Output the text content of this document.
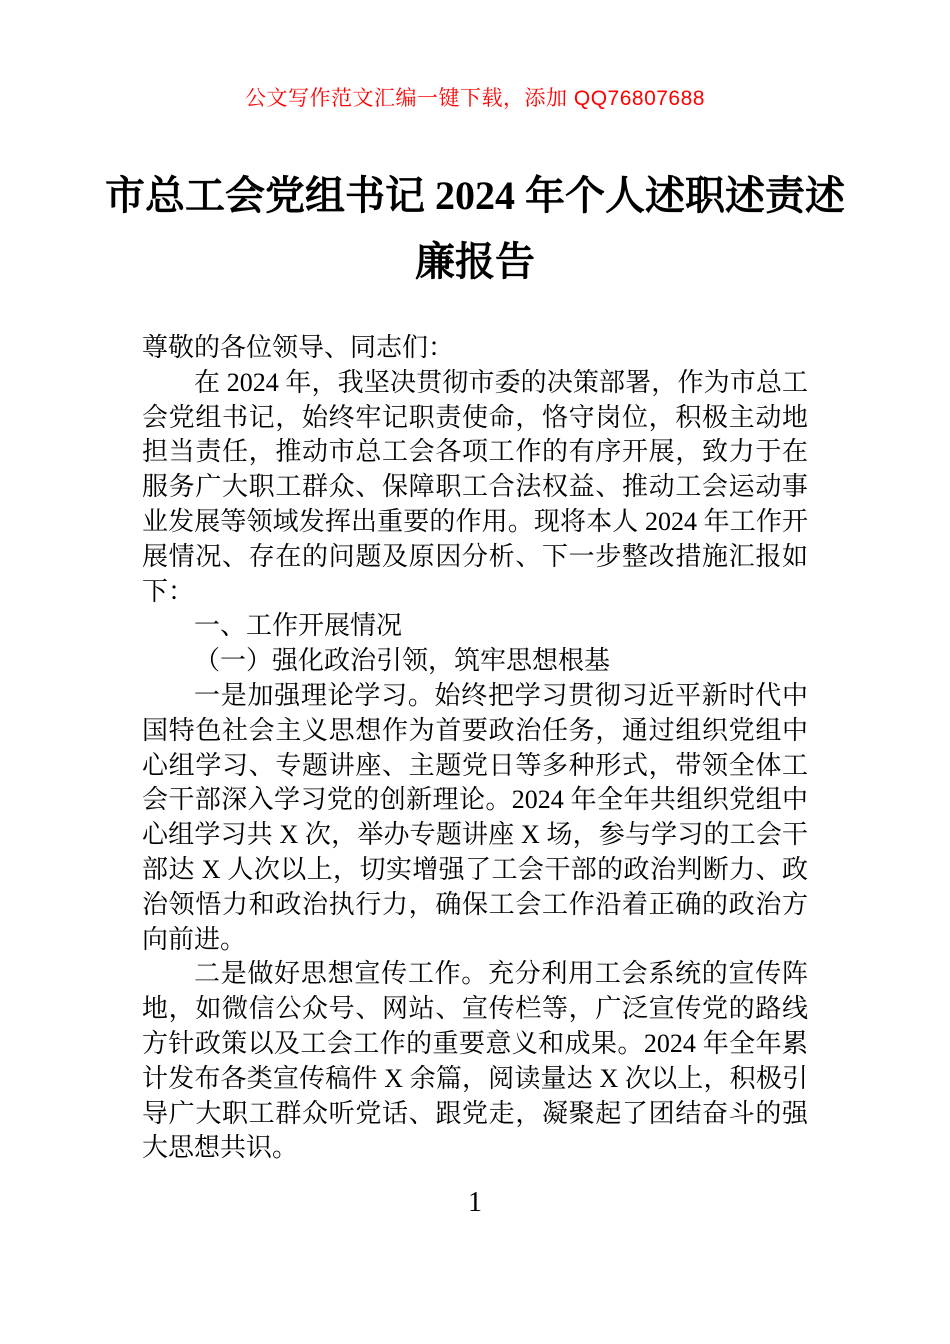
公文写作范文汇编一键下载，添加 QQ76807688
市总工会党组书记 2024 年个人述职述责述
廉报告

尊敬的各位领导、同志们：

在 2024 年，我坚决贯彻市委的决策部署，作为市总工会党组书记，始终牢记职责使命，恪守岗位，积极主动地担当责任，推动市总工会各项工作的有序开展，致力于在服务广大职工群众、保障职工合法权益、推动工会运动事业发展等领域发挥出重要的作用。现将本人 2024 年工作开展情况、存在的问题及原因分析、下一步整改措施汇报如下：

一、工作开展情况

（一）强化政治引领，筑牢思想根基

一是加强理论学习。始终把学习贯彻习近平新时代中国特色社会主义思想作为首要政治任务，通过组织党组中心组学习、专题讲座、主题党日等多种形式，带领全体工会干部深入学习党的创新理论。2024 年全年共组织党组中心组学习共 X 次，举办专题讲座 X 场，参与学习的工会干部达 X 人次以上，切实增强了工会干部的政治判断力、政治领悟力和政治执行力，确保工会工作沿着正确的政治方向前进。

二是做好思想宣传工作。充分利用工会系统的宣传阵地，如微信公众号、网站、宣传栏等，广泛宣传党的路线方针政策以及工会工作的重要意义和成果。2024 年全年累计发布各类宣传稿件 X 余篇，阅读量达 X 次以上，积极引导广大职工群众听党话、跟党走，凝聚起了团结奋斗的强大思想共识。

1
